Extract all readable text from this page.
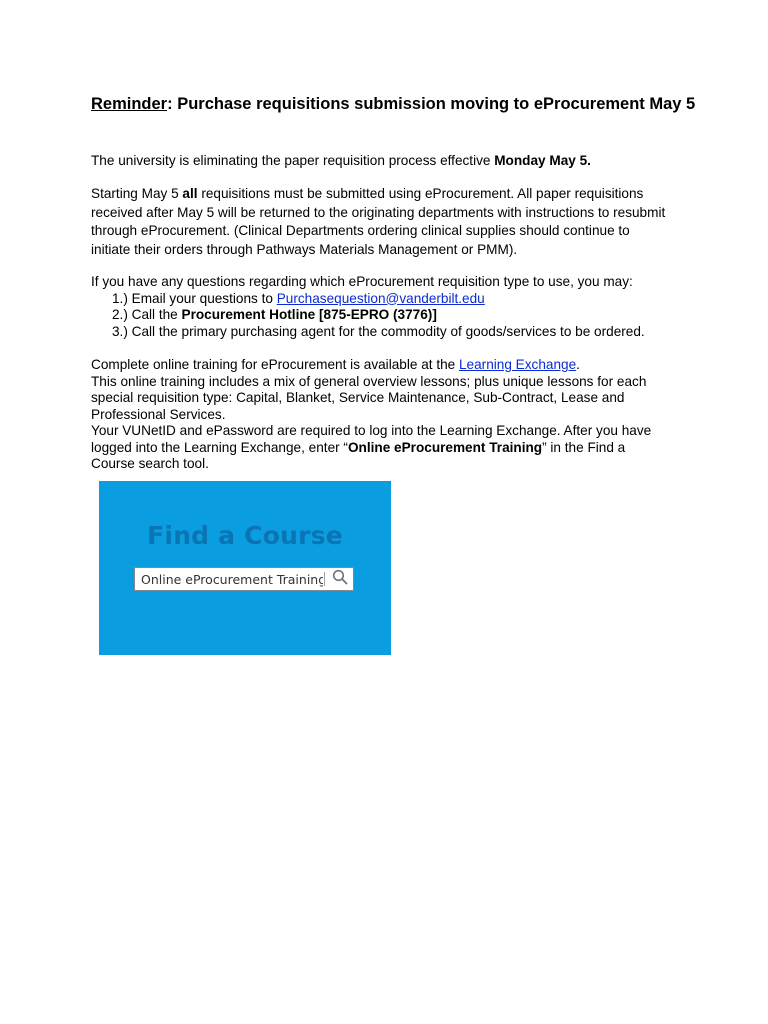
Reminder: Purchase requisitions submission moving to eProcurement May 5

The university is eliminating the paper requisition process effective Monday May 5.

Starting May 5 all requisitions must be submitted using eProcurement. All paper requisitions
received after May 5 will be returned to the originating departments with instructions to resubmit
through eProcurement. (Clinical Departments ordering clinical supplies should continue to
initiate their orders through Pathways Materials Management or PMM).
If you have any questions regarding which eProcurement requisition type to use, you may:
1.) Email your questions to Purchasequestion@vanderbilt.edu
2.) Call the Procurement Hotline [875-EPRO (3776)]
3.) Call the primary purchasing agent for the commodity of goods/services to be ordered.
Complete online training for eProcurement is available at the Learning Exchange.
This online training includes a mix of general overview lessons; plus unique lessons for each
special requisition type: Capital, Blanket, Service Maintenance, Sub-Contract, Lease and
Professional Services.
Your VUNetID and ePassword are required to log into the Learning Exchange. After you have
logged into the Learning Exchange, enter “Online eProcurement Training” in the Find a
Course search tool.
Find a Course
Online eProcurement Training
